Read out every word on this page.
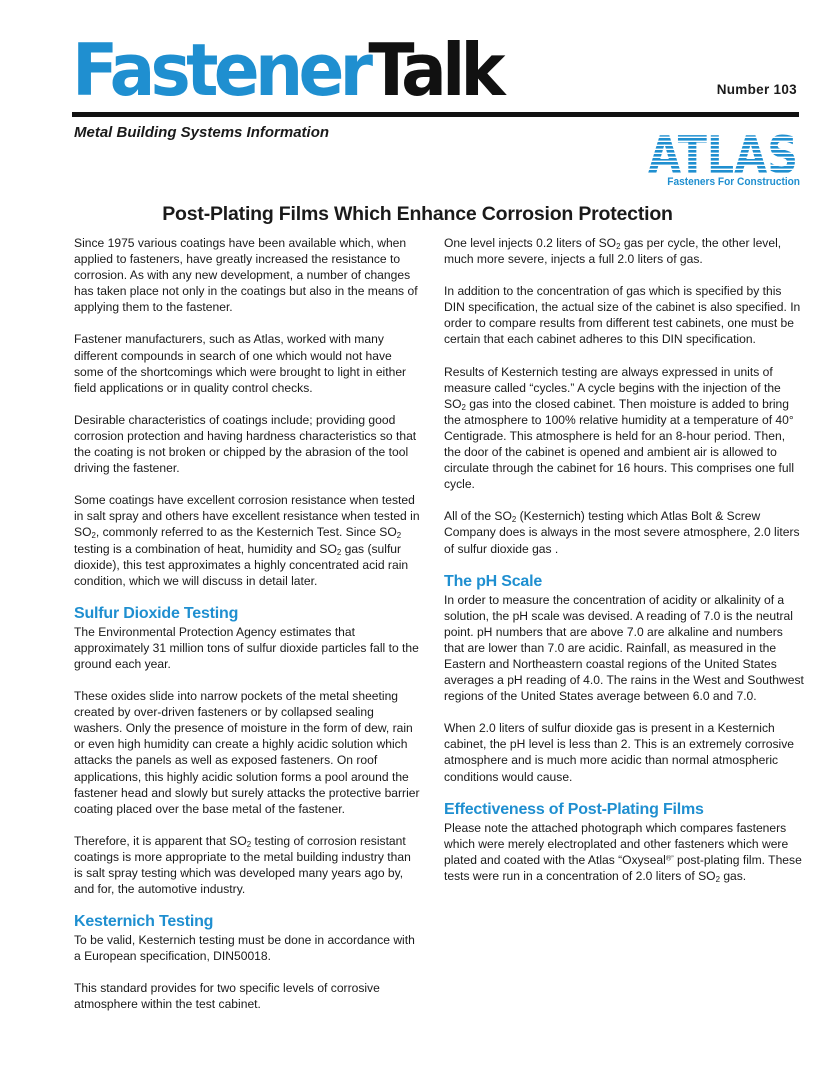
FastenerTalk	Number 103
Metal Building Systems Information	ATLAS
Fasteners For Construction
Post-Plating Films Which Enhance Corrosion Protection

Since 1975 various coatings have been available which, when applied to fasteners, have greatly increased the resistance to corrosion. As with any new development, a number of changes has taken place not only in the coatings but also in the means of applying them to the fastener.

Fastener manufacturers, such as Atlas, worked with many different compounds in search of one which would not have some of the shortcomings which were brought to light in either field applications or in quality control checks.

Desirable characteristics of coatings include; providing good corrosion protection and having hardness characteristics so that the coating is not broken or chipped by the abrasion of the tool driving the fastener.

Some coatings have excellent corrosion resistance when tested in salt spray and others have excellent resistance when tested in $SO_2$, commonly referred to as the Kesternich Test. Since $SO_2$ testing is a combination of heat, humidity and $SO_2$ gas (sulfur dioxide), this test approximates a highly concentrated acid rain condition, which we will discuss in detail later.

Sulfur Dioxide Testing

The Environmental Protection Agency estimates that approximately 31 million tons of sulfur dioxide particles fall to the ground each year.

These oxides slide into narrow pockets of the metal sheeting created by over-driven fasteners or by collapsed sealing washers. Only the presence of moisture in the form of dew, rain or even high humidity can create a highly acidic solution which attacks the panels as well as exposed fasteners. On roof applications, this highly acidic solution forms a pool around the fastener head and slowly but surely attacks the protective barrier coating placed over the base metal of the fastener.

Therefore, it is apparent that $SO_2$ testing of corrosion resistant coatings is more appropriate to the metal building industry than is salt spray testing which was developed many years ago by, and for, the automotive industry.

Kesternich Testing

To be valid, Kesternich testing must be done in accordance with a European specification, DIN50018.

This standard provides for two specific levels of corrosive atmosphere within the test cabinet.

One level injects 0.2 liters of $SO_2$ gas per cycle, the other level, much more severe, injects a full 2.0 liters of gas.

In addition to the concentration of gas which is specified by this DIN specification, the actual size of the cabinet is also specified. In order to compare results from different test cabinets, one must be certain that each cabinet adheres to this DIN specification.

Results of Kesternich testing are always expressed in units of measure called “cycles.” A cycle begins with the injection of the $SO_2$ gas into the closed cabinet. Then moisture is added to bring the atmosphere to 100% relative humidity at a temperature of 40° Centigrade. This atmosphere is held for an 8-hour period. Then, the door of the cabinet is opened and ambient air is allowed to circulate through the cabinet for 16 hours. This comprises one full cycle.

All of the $SO_2$ (Kesternich) testing which Atlas Bolt & Screw Company does is always in the most severe atmosphere, 2.0 liters of sulfur dioxide gas .

The pH Scale

In order to measure the concentration of acidity or alkalinity of a solution, the pH scale was devised. A reading of 7.0 is the neutral point. pH numbers that are above 7.0 are alkaline and numbers that are lower than 7.0 are acidic. Rainfall, as measured in the Eastern and Northeastern coastal regions of the United States averages a pH reading of 4.0. The rains in the West and Southwest regions of the United States average between 6.0 and 7.0.

When 2.0 liters of sulfur dioxide gas is present in a Kesternich cabinet, the pH level is less than 2. This is an extremely corrosive atmosphere and is much more acidic than normal atmospheric conditions would cause.

Effectiveness of Post-Plating Films

Please note the attached photograph which compares fasteners which were merely electroplated and other fasteners which were plated and coated with the Atlas “Oxyseal®” post-plating film. These tests were run in a concentration of 2.0 liters of $SO_2$ gas.
